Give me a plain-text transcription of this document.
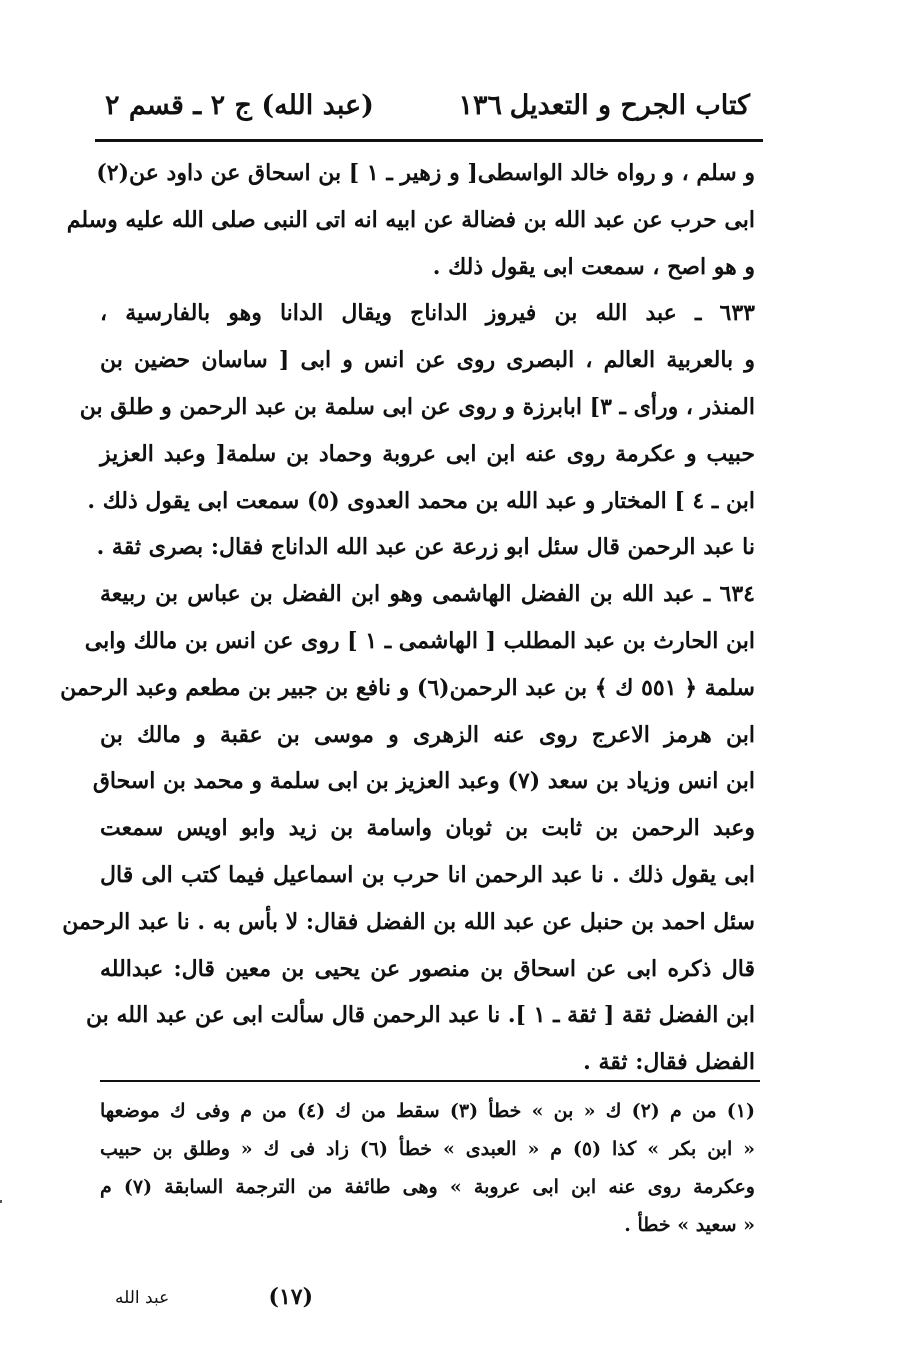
كتاب الجرح و التعديل
١٣٦
(عبد الله) ج ٢ ـ قسم ٢
و سلم ، و رواه خالد الواسطى[ و زهير ـ ١ ] بن اسحاق عن داود عن(٢)
ابى حرب عن عبد الله بن فضالة عن ابيه انه اتى النبى صلى الله عليه وسلم
و هو اصح ، سمعت ابى يقول ذلك .
٦٣٣ ـ عبد الله بن فيروز الداناج ويقال الدانا وهو بالفارسية ،
و بالعربية العالم ، البصرى روى عن انس و ابى [ ساسان حضين بن
المنذر ، ورأى ـ ٣] ابابرزة و روى عن ابى سلمة بن عبد الرحمن و طلق بن
حبيب و عكرمة روى عنه ابن ابى عروبة وحماد بن سلمة[ وعبد العزيز
ابن ـ ٤ ] المختار و عبد الله بن محمد العدوى (٥) سمعت ابى يقول ذلك .
نا عبد الرحمن قال سئل ابو زرعة عن عبد الله الداناج فقال: بصرى ثقة .
٦٣٤ ـ عبد الله بن الفضل الهاشمى وهو ابن الفضل بن عباس بن ربيعة
ابن الحارث بن عبد المطلب [ الهاشمى ـ ١ ] روى عن انس بن مالك وابى
سلمة ﴿ ٥٥١ ك ﴾ بن عبد الرحمن(٦) و نافع بن جبير بن مطعم وعبد الرحمن
ابن هرمز الاعرج روى عنه الزهرى و موسى بن عقبة و مالك بن
ابن انس وزياد بن سعد (٧) وعبد العزيز بن ابى سلمة و محمد بن اسحاق
وعبد الرحمن بن ثابت بن ثوبان واسامة بن زيد وابو اويس سمعت
ابى يقول ذلك . نا عبد الرحمن انا حرب بن اسماعيل فيما كتب الى قال
سئل احمد بن حنبل عن عبد الله بن الفضل فقال: لا بأس به . نا عبد الرحمن
قال ذكره ابى عن اسحاق بن منصور عن يحيى بن معين قال: عبدالله
ابن الفضل ثقة [ ثقة ـ ١ ]. نا عبد الرحمن قال سألت ابى عن عبد الله بن
الفضل فقال: ثقة .
(١) من م (٢) ك « بن » خطأ (٣) سقط من ك (٤) من م وفى ك موضعها
« ابن بكر » كذا (٥) م « العبدى » خطأ (٦) زاد فى ك « وطلق بن حبيب
وعكرمة روى عنه ابن ابى عروبة » وهى طائفة من الترجمة السابقة (٧) م
« سعيد » خطأ .
(١٧)
عبد الله
